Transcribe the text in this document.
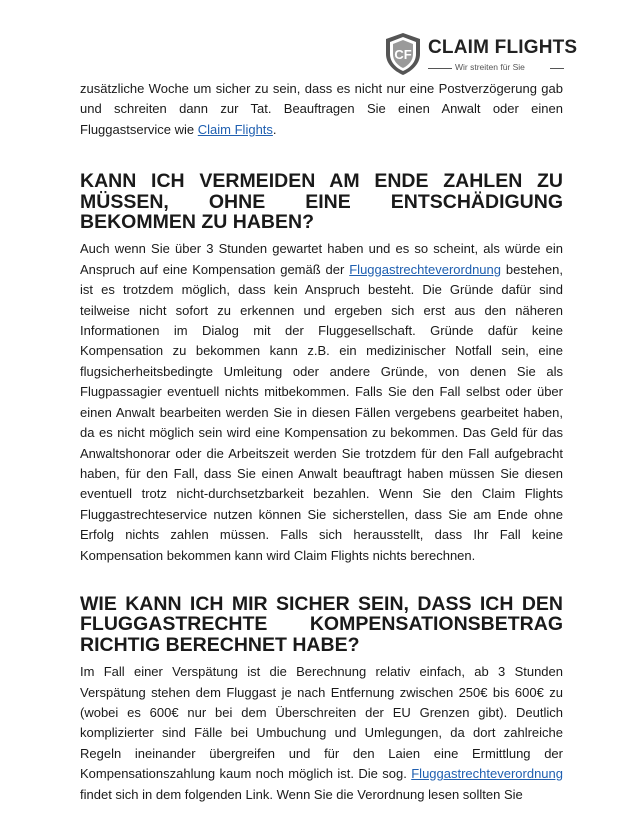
CF CLAIM FLIGHTS
Wir streiten für Sie

zusätzliche Woche um sicher zu sein, dass es nicht nur eine Postverzögerung gab und schreiten dann zur Tat. Beauftragen Sie einen Anwalt oder einen Fluggastservice wie Claim Flights.

KANN ICH VERMEIDEN AM ENDE ZAHLEN ZU MÜSSEN, OHNE EINE ENTSCHÄDIGUNG BEKOMMEN ZU HABEN?

Auch wenn Sie über 3 Stunden gewartet haben und es so scheint, als würde ein Anspruch auf eine Kompensation gemäß der Fluggastrechteverordnung bestehen, ist es trotzdem möglich, dass kein Anspruch besteht. Die Gründe dafür sind teilweise nicht sofort zu erkennen und ergeben sich erst aus den näheren Informationen im Dialog mit der Fluggesellschaft. Gründe dafür keine Kompensation zu bekommen kann z.B. ein medizinischer Notfall sein, eine flugsicherheitsbedingte Umleitung oder andere Gründe, von denen Sie als Flugpassagier eventuell nichts mitbekommen. Falls Sie den Fall selbst oder über einen Anwalt bearbeiten werden Sie in diesen Fällen vergebens gearbeitet haben, da es nicht möglich sein wird eine Kompensation zu bekommen. Das Geld für das Anwaltshonorar oder die Arbeitszeit werden Sie trotzdem für den Fall aufgebracht haben, für den Fall, dass Sie einen Anwalt beauftragt haben müssen Sie diesen eventuell trotz nicht-durchsetzbarkeit bezahlen. Wenn Sie den Claim Flights Fluggastrechteservice nutzen können Sie sicherstellen, dass Sie am Ende ohne Erfolg nichts zahlen müssen. Falls sich herausstellt, dass Ihr Fall keine Kompensation bekommen kann wird Claim Flights nichts berechnen.

WIE KANN ICH MIR SICHER SEIN, DASS ICH DEN FLUGGASTRECHTE KOMPENSATIONSBETRAG RICHTIG BERECHNET HABE?

Im Fall einer Verspätung ist die Berechnung relativ einfach, ab 3 Stunden Verspätung stehen dem Fluggast je nach Entfernung zwischen 250€ bis 600€ zu (wobei es 600€ nur bei dem Überschreiten der EU Grenzen gibt). Deutlich komplizierter sind Fälle bei Umbuchung und Umlegungen, da dort zahlreiche Regeln ineinander übergreifen und für den Laien eine Ermittlung der Kompensationszahlung kaum noch möglich ist. Die sog. Fluggastrechteverordnung findet sich in dem folgenden Link. Wenn Sie die Verordnung lesen sollten Sie
